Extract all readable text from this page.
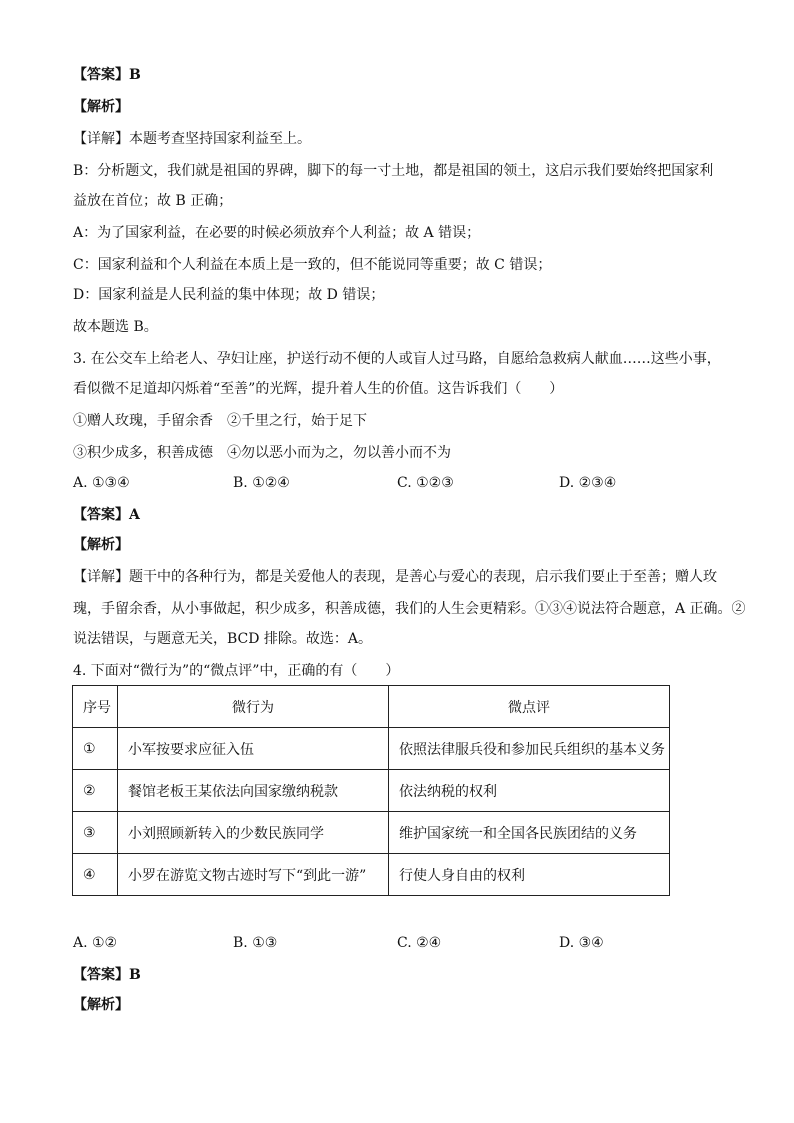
【答案】B
【解析】
【详解】本题考查坚持国家利益至上。
B：分析题文，我们就是祖国的界碑，脚下的每一寸土地，都是祖国的领土，这启示我们要始终把国家利
益放在首位；故 B 正确；
A：为了国家利益，在必要的时候必须放弃个人利益；故 A 错误；
C：国家利益和个人利益在本质上是一致的，但不能说同等重要；故 C 错误；
D：国家利益是人民利益的集中体现；故 D 错误；
故本题选 B。
3. 在公交车上给老人、孕妇让座，护送行动不便的人或盲人过马路，自愿给急救病人献血……这些小事，
看似微不足道却闪烁着“至善”的光辉，提升着人生的价值。这告诉我们（　　）
①赠人玫瑰，手留余香　②千里之行，始于足下
③积少成多，积善成德　④勿以恶小而为之，勿以善小而不为
A. ①③④	B. ①②④	C. ①②③	D. ②③④
【答案】A
【解析】
【详解】题干中的各种行为，都是关爱他人的表现，是善心与爱心的表现，启示我们要止于至善；赠人玫
瑰，手留余香，从小事做起，积少成多，积善成德，我们的人生会更精彩。①③④说法符合题意，A 正确。②
说法错误，与题意无关，BCD 排除。故选：A。
4. 下面对“微行为”的“微点评”中，正确的有（　　）
序号	微行为	微点评
①	小军按要求应征入伍	依照法律服兵役和参加民兵组织的基本义务
②	餐馆老板王某依法向国家缴纳税款	依法纳税的权利
③	小刘照顾新转入的少数民族同学	维护国家统一和全国各民族团结的义务
④	小罗在游览文物古迹时写下“到此一游”	行使人身自由的权利
A. ①②	B. ①③	C. ②④	D. ③④
【答案】B
【解析】
